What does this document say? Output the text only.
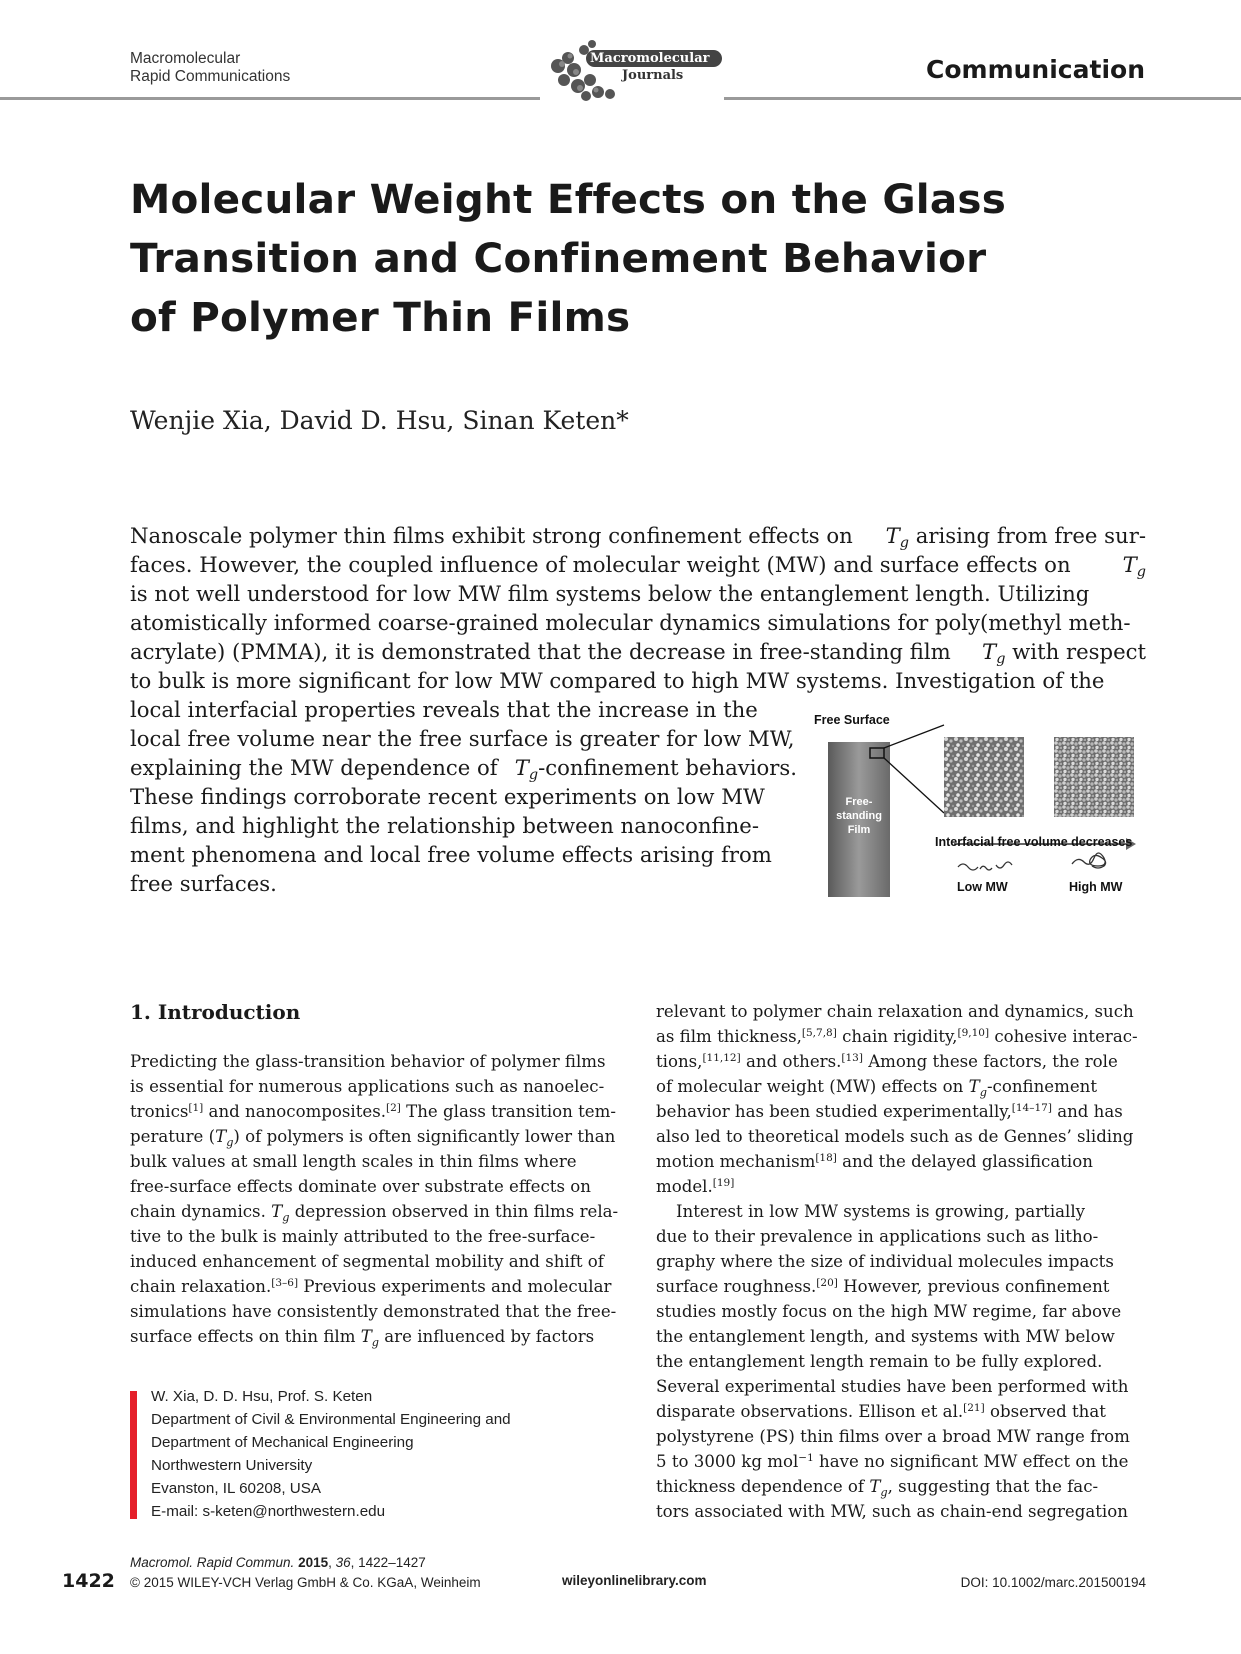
Macromolecular
Rapid Communications
Macromolecular
Journals	Communication
Molecular Weight Effects on the Glass
Transition and Confinement Behavior
of Polymer Thin Films
Wenjie Xia, David D. Hsu, Sinan Keten*
Nanoscale polymer thin films exhibit strong confinement effects on $T_g$ arising from free sur-
faces. However, the coupled influence of molecular weight (MW) and surface effects on $T_g$
is not well understood for low MW film systems below the entanglement length. Utilizing
atomistically informed coarse-grained molecular dynamics simulations for poly(methyl meth-
acrylate) (PMMA), it is demonstrated that the decrease in free-standing film $T_g$ with respect
to bulk is more significant for low MW compared to high MW systems. Investigation of the
local interfacial properties reveals that the increase in the
local free volume near the free surface is greater for low MW,
explaining the MW dependence of $T_g$-confinement behaviors.
These findings corroborate recent experiments on low MW
films, and highlight the relationship between nanoconfine-
ment phenomena and local free volume effects arising from
free surfaces.
Free Surface
Free-
standing
Film
Interfacial free volume decreases
Low MW	High MW
1. Introduction
Predicting the glass-transition behavior of polymer films
is essential for numerous applications such as nanoelec-
tronics[1] and nanocomposites.[2] The glass transition tem-
perature $(T_g)$ of polymers is often significantly lower than
bulk values at small length scales in thin films where
free-surface effects dominate over substrate effects on
chain dynamics. $T_g$ depression observed in thin films rela-
tive to the bulk is mainly attributed to the free-surface-
induced enhancement of segmental mobility and shift of
chain relaxation.[3–6] Previous experiments and molecular
simulations have consistently demonstrated that the free-
surface effects on thin film $T_g$ are influenced by factors
relevant to polymer chain relaxation and dynamics, such
as film thickness,[5,7,8] chain rigidity,[9,10] cohesive interac-
tions,[11,12] and others.[13] Among these factors, the role
of molecular weight (MW) effects on $T_g$-confinement
behavior has been studied experimentally,[14–17] and has
also led to theoretical models such as de Gennes’ sliding
motion mechanism[18] and the delayed glassification
model.[19]
Interest in low MW systems is growing, partially
due to their prevalence in applications such as litho-
graphy where the size of individual molecules impacts
surface roughness.[20] However, previous confinement
studies mostly focus on the high MW regime, far above
the entanglement length, and systems with MW below
the entanglement length remain to be fully explored.
Several experimental studies have been performed with
disparate observations. Ellison et al.[21] observed that
polystyrene (PS) thin films over a broad MW range from
5 to 3000 kg mol$^{-1}$ have no significant MW effect on the
thickness dependence of $T_g$, suggesting that the fac-
tors associated with MW, such as chain-end segregation
W. Xia, D. D. Hsu, Prof. S. Keten
Department of Civil & Environmental Engineering and
Department of Mechanical Engineering
Northwestern University
Evanston, IL 60208, USA
E-mail: s-keten@northwestern.edu
1422
Macromol. Rapid Commun. 2015, 36, 1422–1427
© 2015 WILEY-VCH Verlag GmbH & Co. KGaA, Weinheim	wileyonlinelibrary.com	DOI: 10.1002/marc.201500194
